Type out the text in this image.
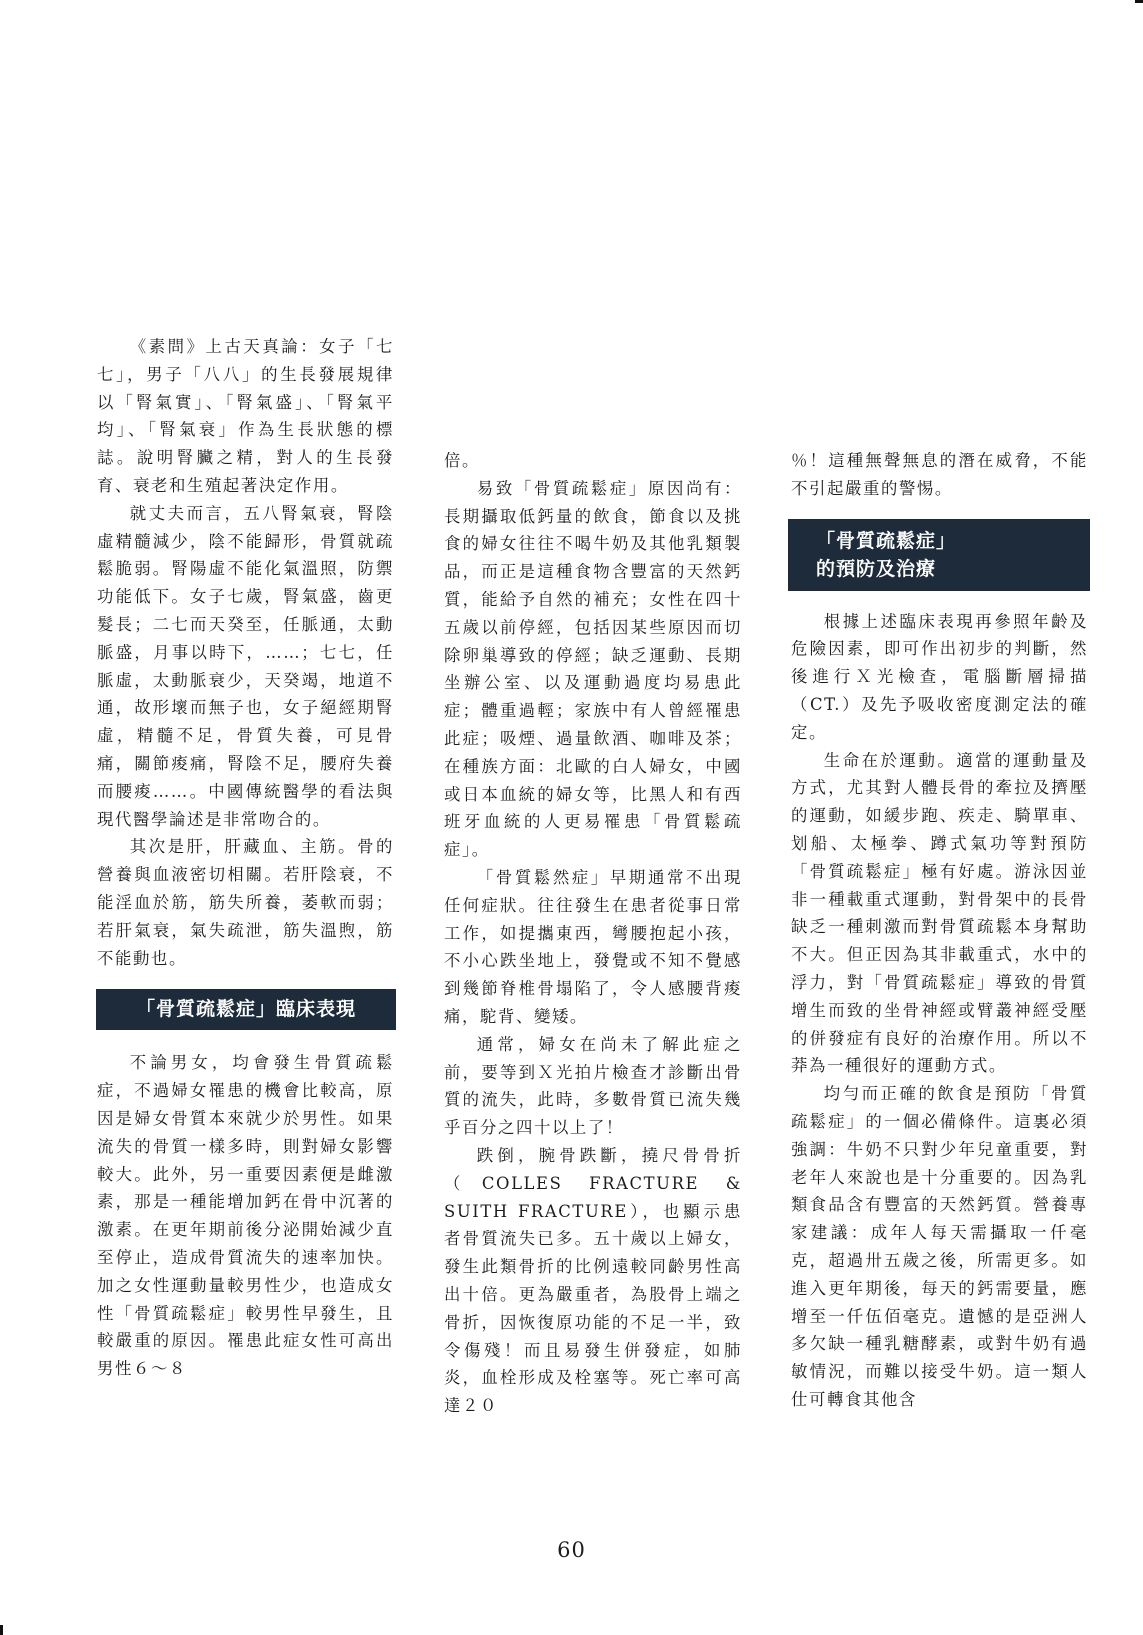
《素問》上古天真論：女子「七七」，男子「八八」的生長發展規律以「腎氣實」、「腎氣盛」、「腎氣平均」、「腎氣衰」作為生長狀態的標誌。說明腎臟之精，對人的生長發育、衰老和生殖起著決定作用。

就丈夫而言，五八腎氣衰，腎陰虛精髓減少，陰不能歸形，骨質就疏鬆脆弱。腎陽虛不能化氣溫照，防禦功能低下。女子七歲，腎氣盛，齒更髮長；二七而天癸至，任脈通，太動脈盛，月事以時下，……；七七，任脈虛，太動脈衰少，天癸竭，地道不通，故形壞而無子也，女子絕經期腎虛，精髓不足，骨質失養，可見骨痛，關節痠痛，腎陰不足，腰府失養而腰痠……。中國傳統醫學的看法與現代醫學論述是非常吻合的。

其次是肝，肝藏血、主筋。骨的營養與血液密切相關。若肝陰衰，不能淫血於筋，筋失所養，萎軟而弱；若肝氣衰，氣失疏泄，筋失溫煦，筋不能動也。

「骨質疏鬆症」臨床表現

不論男女，均會發生骨質疏鬆症，不過婦女罹患的機會比較高，原因是婦女骨質本來就少於男性。如果流失的骨質一樣多時，則對婦女影響較大。此外，另一重要因素便是雌激素，那是一種能增加鈣在骨中沉著的激素。在更年期前後分泌開始減少直至停止，造成骨質流失的速率加快。加之女性運動量較男性少，也造成女性「骨質疏鬆症」較男性早發生，且較嚴重的原因。罹患此症女性可高出男性６～８

倍。

易致「骨質疏鬆症」原因尚有：長期攝取低鈣量的飲食，節食以及挑食的婦女往往不喝牛奶及其他乳類製品，而正是這種食物含豐富的天然鈣質，能給予自然的補充；女性在四十五歲以前停經，包括因某些原因而切除卵巢導致的停經；缺乏運動、長期坐辦公室、以及運動過度均易患此症；體重過輕；家族中有人曾經罹患此症；吸煙、過量飲酒、咖啡及茶；在種族方面：北歐的白人婦女，中國或日本血統的婦女等，比黑人和有西班牙血統的人更易罹患「骨質鬆疏症」。

「骨質鬆然症」早期通常不出現任何症狀。往往發生在患者從事日常工作，如提攜東西，彎腰抱起小孩，不小心跌坐地上，發覺或不知不覺感到幾節脊椎骨塌陷了，令人感腰背痠痛，駝背、變矮。

通常，婦女在尚未了解此症之前，要等到Ｘ光拍片檢查才診斷出骨質的流失，此時，多數骨質已流失幾乎百分之四十以上了！

跌倒，腕骨跌斷，撓尺骨骨折（COLLES FRACTURE & SUITH FRACTURE），也顯示患者骨質流失已多。五十歲以上婦女，發生此類骨折的比例遠較同齡男性高出十倍。更為嚴重者，為股骨上端之骨折，因恢復原功能的不足一半，致令傷殘！而且易發生併發症，如肺炎，血栓形成及栓塞等。死亡率可高達２０

％！這種無聲無息的潛在威脅，不能不引起嚴重的警惕。

「骨質疏鬆症」
的預防及治療

根據上述臨床表現再參照年齡及危險因素，即可作出初步的判斷，然後進行Ｘ光檢查，電腦斷層掃描（CT.）及先予吸收密度測定法的確定。

生命在於運動。適當的運動量及方式，尤其對人體長骨的牽拉及擠壓的運動，如緩步跑、疾走、騎單車、划船、太極拳、蹲式氣功等對預防「骨質疏鬆症」極有好處。游泳因並非一種載重式運動，對骨架中的長骨缺乏一種刺激而對骨質疏鬆本身幫助不大。但正因為其非載重式，水中的浮力，對「骨質疏鬆症」導致的骨質增生而致的坐骨神經或臂叢神經受壓的併發症有良好的治療作用。所以不莽為一種很好的運動方式。

均勻而正確的飲食是預防「骨質疏鬆症」的一個必備條件。這裏必須強調：牛奶不只對少年兒童重要，對老年人來說也是十分重要的。因為乳類食品含有豐富的天然鈣質。營養專家建議：成年人每天需攝取一仟毫克，超過卅五歲之後，所需更多。如進入更年期後，每天的鈣需要量，應增至一仟伍佰毫克。遺憾的是亞洲人多欠缺一種乳糖酵素，或對牛奶有過敏情況，而難以接受牛奶。這一類人仕可轉食其他含

60
